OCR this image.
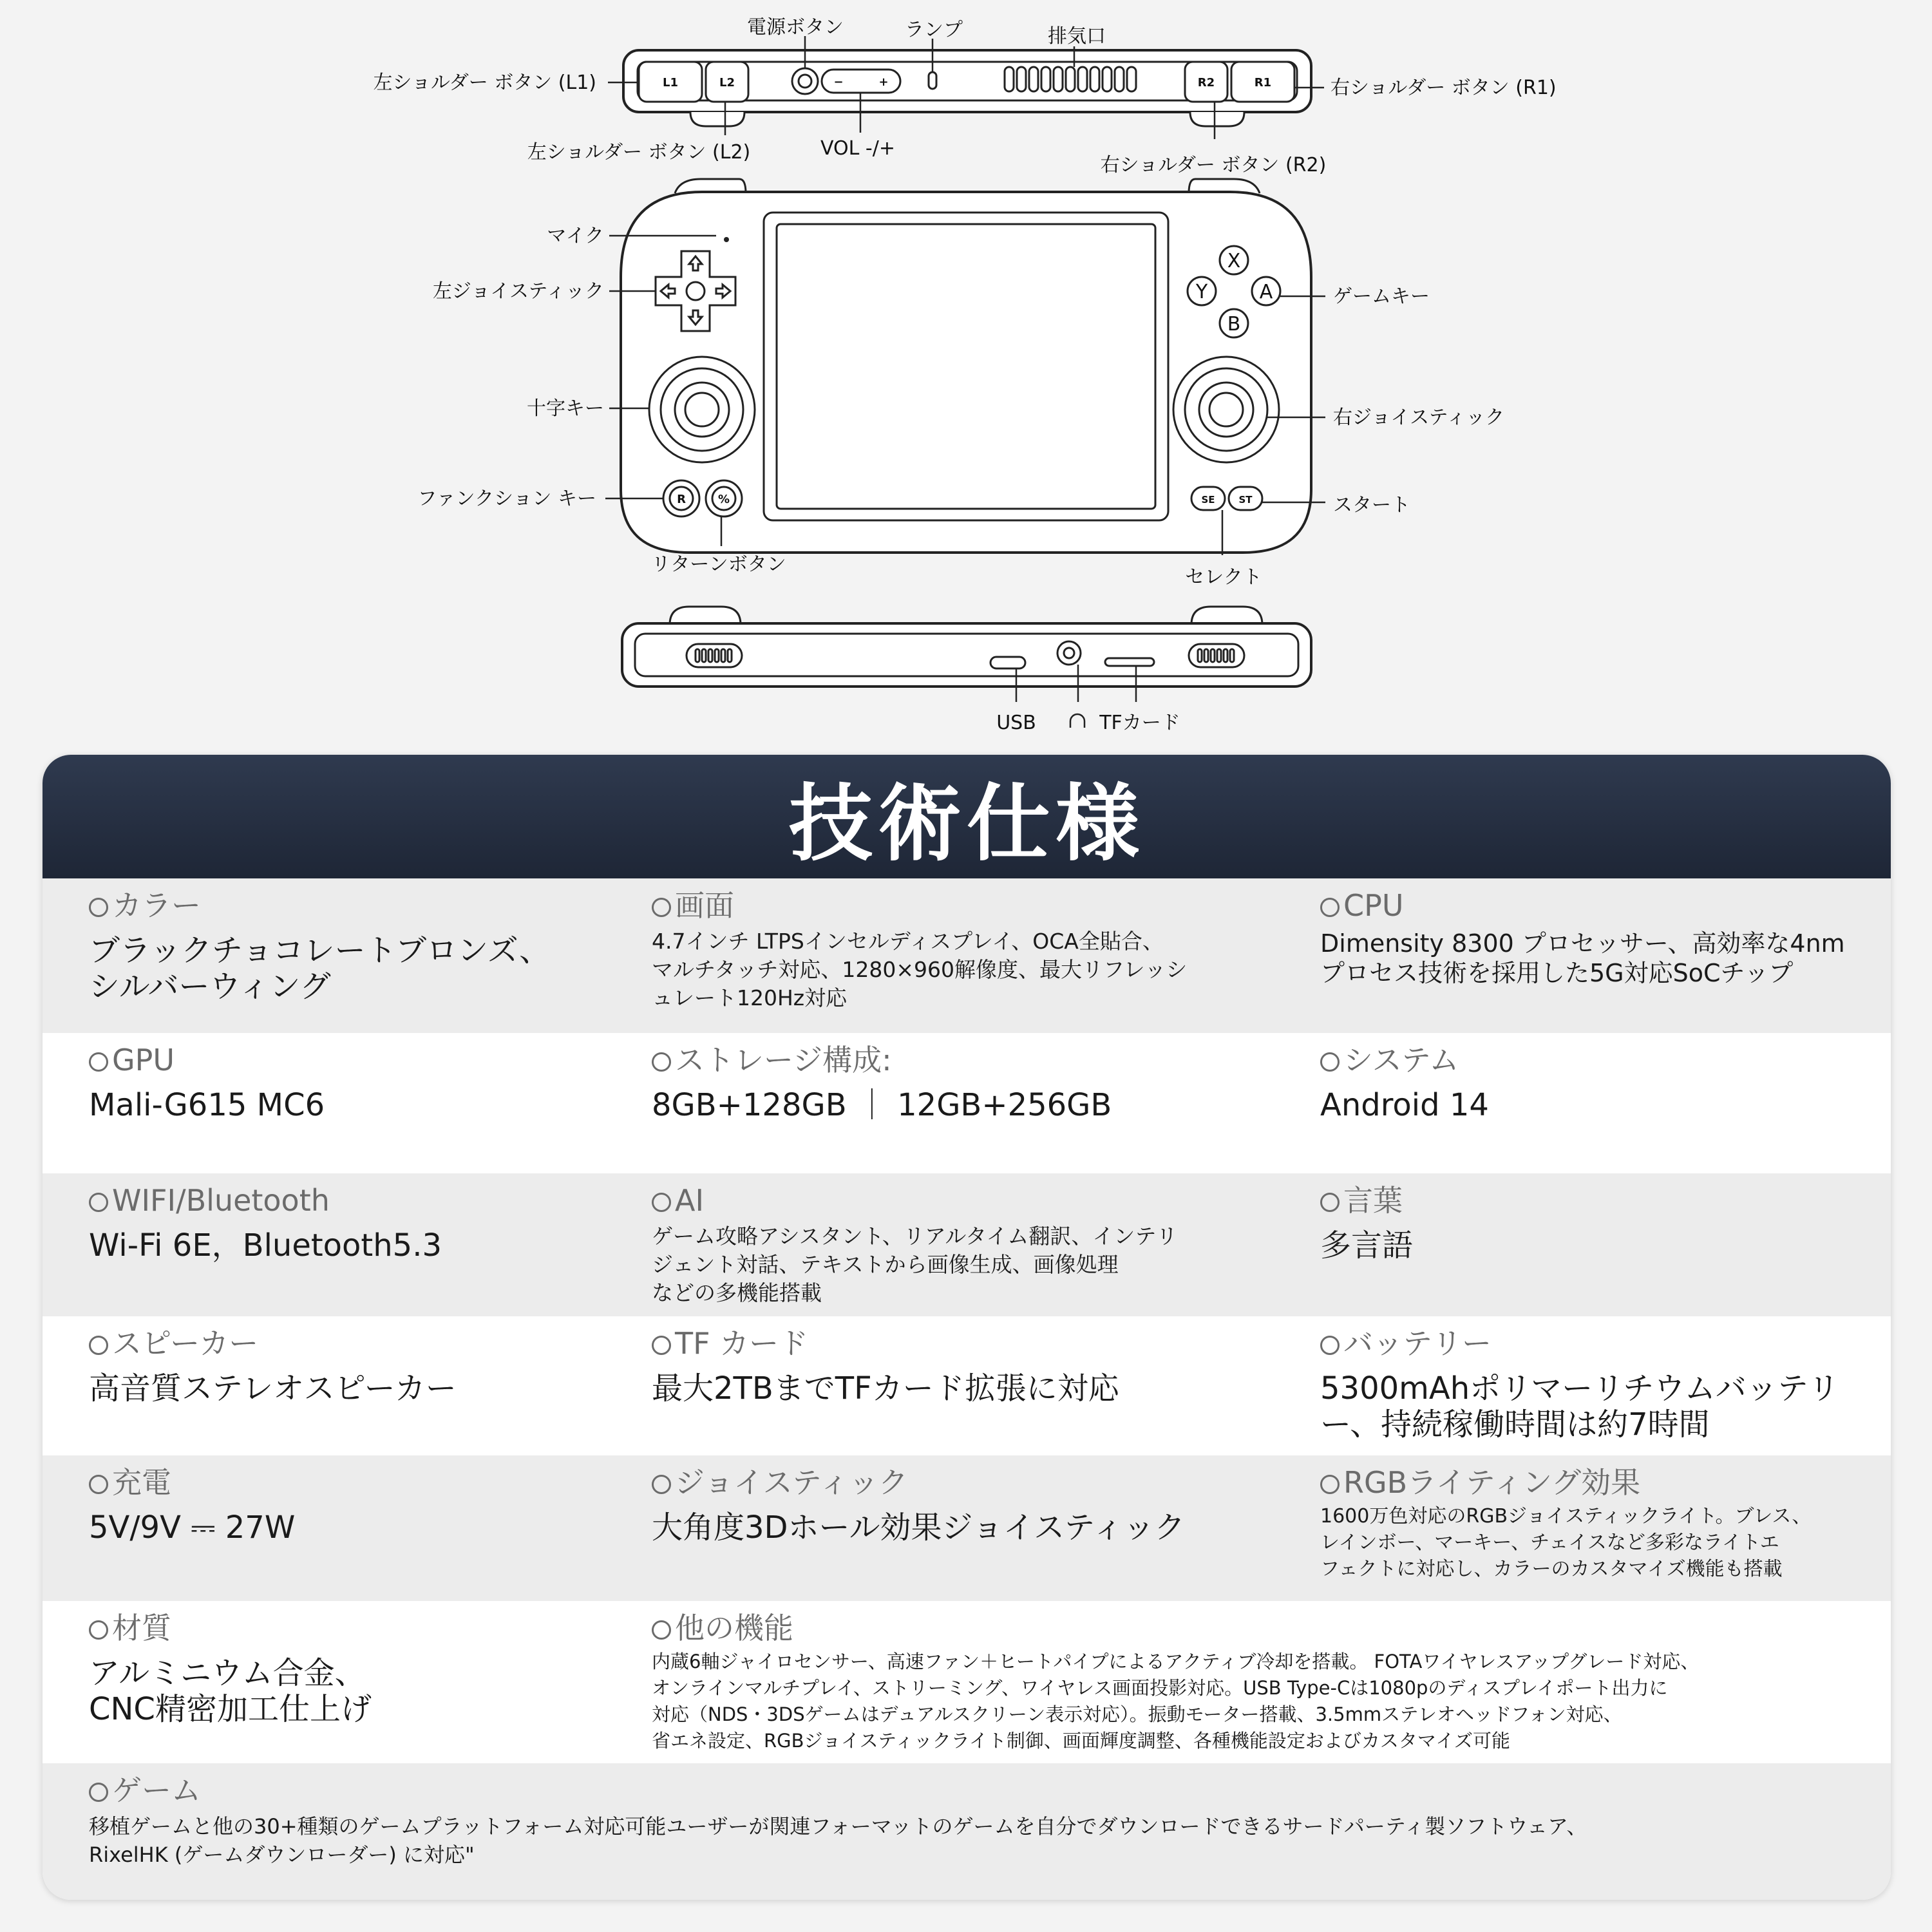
L1	L2	R2	R1
−	+
電源ボタン	ランプ	排気口
左ショルダー ボタン (L1)	右ショルダー ボタン (R1)
左ショルダー ボタン (L2)	VOL -/+
右ショルダー ボタン (R2)
R	%
X
Y	A
B
SE ST
マイク
左ジョイスティック
十字キー
ファンクション キー
リターンボタン
ゲームキー
右ジョイスティック
スタート
セレクト
USB	TFカード
技術仕様
カラー
ブラックチョコレートブロンズ、
シルバーウィング
画面
4.7インチ LTPSインセルディスプレイ、OCA全貼合、
マルチタッチ対応、1280×960解像度、最大リフレッシ
ュレート120Hz対応
CPU
Dimensity 8300 プロセッサー、高効率な4nm
プロセス技術を採用した5G対応SoCチップ
GPU
Mali-G615 MC6
ストレージ構成:
8GB+128GB ｜ 12GB+256GB
システム
Android 14
WIFI/Bluetooth
Wi-Fi 6E，Bluetooth5.3
AI
ゲーム攻略アシスタント、リアルタイム翻訳、インテリ
ジェント対話、テキストから画像生成、画像処理
などの多機能搭載
言葉
多言語
スピーカー
高音質ステレオスピーカー
TF カード
最大2TBまでTFカード拡張に対応
バッテリー
5300mAhポリマーリチウムバッテリ
ー、持続稼働時間は約7時間
充電
5V/9V ⎓ 27W
ジョイスティック
大角度3Dホール効果ジョイスティック
RGBライティング効果
1600万色対応のRGBジョイスティックライト。ブレス、
レインボー、マーキー、チェイスなど多彩なライトエ
フェクトに対応し、カラーのカスタマイズ機能も搭載
材質
アルミニウム合金、
CNC精密加工仕上げ
他の機能
内蔵6軸ジャイロセンサー、高速ファン＋ヒートパイプによるアクティブ冷却を搭載。 FOTAワイヤレスアップグレード対応、
オンラインマルチプレイ、ストリーミング、ワイヤレス画面投影対応。USB Type-Cは1080pのディスプレイポート出力に
対応（NDS・3DSゲームはデュアルスクリーン表示対応）。振動モーター搭載、3.5mmステレオヘッドフォン対応、
省エネ設定、RGBジョイスティックライト制御、画面輝度調整、各種機能設定およびカスタマイズ可能
ゲーム
移植ゲームと他の30+種類のゲームプラットフォーム対応可能ユーザーが関連フォーマットのゲームを自分でダウンロードできるサードパーティ製ソフトウェア、
RixelHK (ゲームダウンローダー) に対応"
